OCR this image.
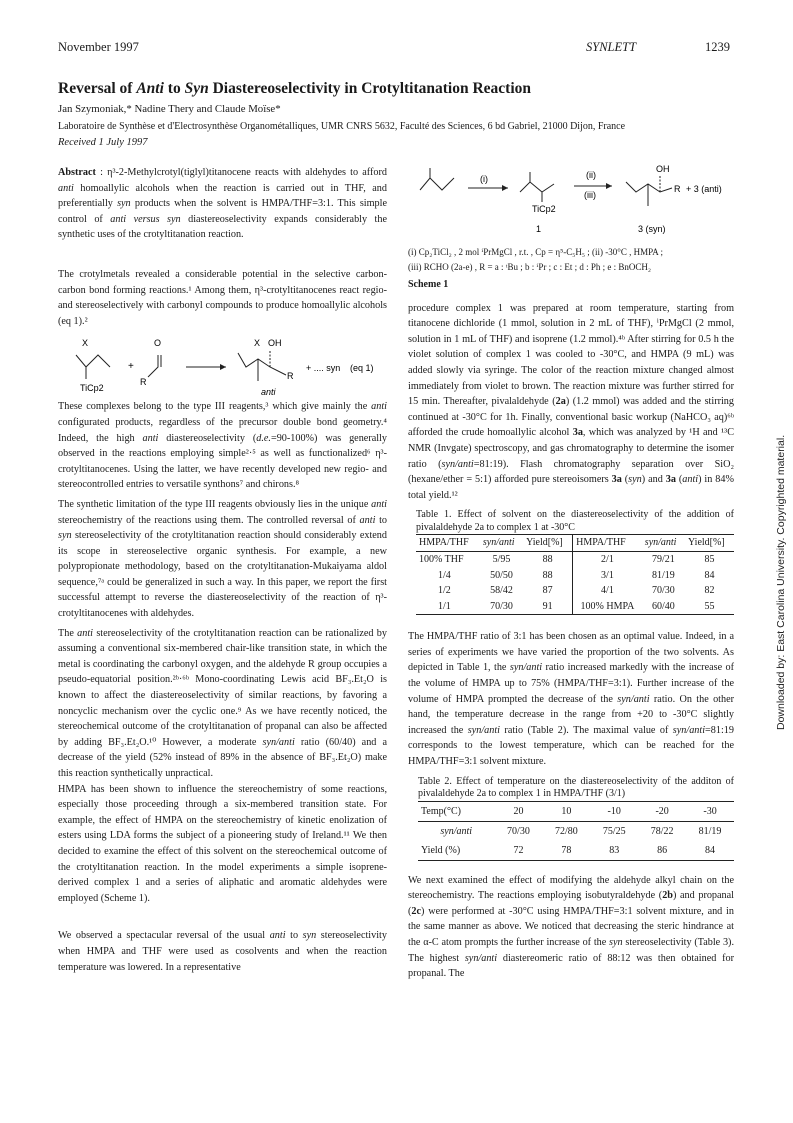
November 1997	SYNLETT	1239
Reversal of Anti to Syn Diastereoselectivity in Crotyltitanation Reaction
Jan Szymoniak,* Nadine Thery and Claude Moïse*
Laboratoire de Synthèse et d'Electrosynthèse Organométalliques, UMR CNRS 5632, Faculté des Sciences, 6 bd Gabriel, 21000 Dijon, France
Received 1 July 1997

Abstract : η³-2-Methylcrotyl(tiglyl)titanocene reacts with aldehydes to afford anti homoallylic alcohols when the reaction is carried out in THF, and preferentially syn products when the solvent is HMPA/THF=3:1. This simple control of anti versus syn diastereoselectivity expands considerably the synthetic uses of the crotyltitanation reaction.

The crotylmetals revealed a considerable potential in the selective carbon-carbon bond forming reactions.¹ Among them, η³-crotyltitanocenes react regio- and stereoselectively with carbonyl compounds to produce homoallylic alcohols (eq 1).²

X
TiCp2
+
O
R
X OH
R
anti
+ .... syn (eq 1)

These complexes belong to the type III reagents,³ which give mainly the anti configurated products, regardless of the precursor double bond geometry.⁴ Indeed, the high anti diastereoselectivity (d.e.=90-100%) was generally observed in the reactions employing simple²·⁵ as well as functionalized⁶ η³-crotyltitanocenes. Using the latter, we have recently developed new regio- and stereocontrolled entries to versatile synthons⁷ and chirons.⁸

The synthetic limitation of the type III reagents obviously lies in the unique anti stereochemistry of the reactions using them. The controlled reversal of anti to syn stereoselectivity of the crotyltitanation reaction should considerably extend its scope in stereoselective organic synthesis. For example, a new polypropionate methodology, based on the crotyltitanation-Mukaiyama aldol sequence,⁷ᵃ could be generalized in such a way. In this paper, we report the first successful attempt to reverse the diastereoselectivity of the reaction of η³-crotyltitanocenes with aldehydes.

The anti stereoselectivity of the crotyltitanation reaction can be rationalized by assuming a conventional six-membered chair-like transition state, in which the metal is coordinating the carbonyl oxygen, and the aldehyde R group occupies a pseudo-equatorial position.²ᵇ·⁶ᵇ Mono-coordinating Lewis acid BF₃.Et₂O is known to affect the diastereoselectivity of similar reactions, by favoring a noncyclic mechanism over the cyclic one.⁹ As we have recently noticed, the stereochemical outcome of the crotyltitanation of propanal can also be affected by adding BF₃.Et₂O.¹⁰ However, a moderate syn/anti ratio (60/40) and a decrease of the yield (52% instead of 89% in the absence of BF₃.Et₂O) make this reaction synthetically unpractical.

HMPA has been shown to influence the stereochemistry of some reactions, especially those proceeding through a six-membered transition state. For example, the effect of HMPA on the stereochemistry of kinetic enolization of esters using LDA forms the subject of a pioneering study of Ireland.¹¹ We then decided to examine the effect of this solvent on the stereochemical outcome of the crotyltitanation reaction. In the model experiments a simple isoprene-derived complex 1 and a series of aliphatic and aromatic aldehydes were employed (Scheme 1).

We observed a spectacular reversal of the usual anti to syn stereoselectivity when HMPA and THF were used as cosolvents and when the reaction temperature was lowered. In a representative

(i)
TiCp2
1
(ii)
(iii)
OH
R + 3 (anti)
3 (syn)

(i) Cp₂TiCl₂ , 2 mol ⁱPrMgCl , r.t. , Cp = η⁵-C₅H₅ ; (ii) -30°C , HMPA ;

(iii) RCHO (2a-e) , R = a : ᵗBu ; b : ⁱPr ; c : Et ; d : Ph ; e : BnOCH₂

Scheme 1

procedure complex 1 was prepared at room temperature, starting from titanocene dichloride (1 mmol, solution in 2 mL of THF), ⁱPrMgCl (2 mmol, solution in 1 mL of THF) and isoprene (1.2 mmol).⁴ᵇ After stirring for 0.5 h the violet solution of complex 1 was cooled to -30°C, and HMPA (9 mL) was added slowly via syringe. The color of the reaction mixture changed almost immediately from violet to brown. The reaction mixture was further stirred for 15 min. Thereafter, pivalaldehyde (2a) (1.2 mmol) was added and the stirring continued at -30°C for 1h. Finally, conventional basic workup (NaHCO₃ aq)⁶ᵇ afforded the crude homoallylic alcohol 3a, which was analyzed by ¹H and ¹³C NMR (Invgate) spectroscopy, and gas chromatography to determine the isomer ratio (syn/anti=81:19). Flash chromatography separation over SiO₂ (hexane/ether = 5:1) afforded pure stereoisomers 3a (syn) and 3a (anti) in 84% total yield.¹²

Table 1. Effect of solvent on the diastereoselectivity of the addition of pivalaldehyde 2a to complex 1 at -30°C

HMPA/THF	syn/anti	Yield[%]	HMPA/THF	syn/anti	Yield[%]
100% THF	5/95	88	2/1	79/21	85
1/4	50/50	88	3/1	81/19	84
1/2	58/42	87	4/1	70/30	82
1/1	70/30	91	100% HMPA	60/40	55

The HMPA/THF ratio of 3:1 has been chosen as an optimal value. Indeed, in a series of experiments we have varied the proportion of the two solvents. As depicted in Table 1, the syn/anti ratio increased markedly with the increase of the volume of HMPA up to 75% (HMPA/THF=3:1). Further increase of the volume of HMPA prompted the decrease of the syn/anti ratio. On the other hand, the temperature decrease in the range from +20 to -30°C slightly increased the syn/anti ratio (Table 2). The maximal value of syn/anti=81:19 corresponds to the lowest temperature, which can be reached for the HMPA/THF=3:1 solvent mixture.

Table 2. Effect of temperature on the diastereoselectivity of the additon of pivalaldehyde 2a to complex 1 in HMPA/THF (3/1)

Temp(°C)	20	10	-10	-20	-30
syn/anti	70/30	72/80	75/25	78/22	81/19
Yield (%)	72	78	83	86	84

We next examined the effect of modifying the aldehyde alkyl chain on the stereochemistry. The reactions employing isobutyraldehyde (2b) and propanal (2c) were performed at -30°C using HMPA/THF=3:1 solvent mixture, and in the same manner as above. We noticed that decreasing the steric hindrance at the α-C atom prompts the further increase of the syn stereoselectivity (Table 3). The highest syn/anti diastereomeric ratio of 88:12 was then obtained for propanal. The

Downloaded by: East Carolina University. Copyrighted material.
